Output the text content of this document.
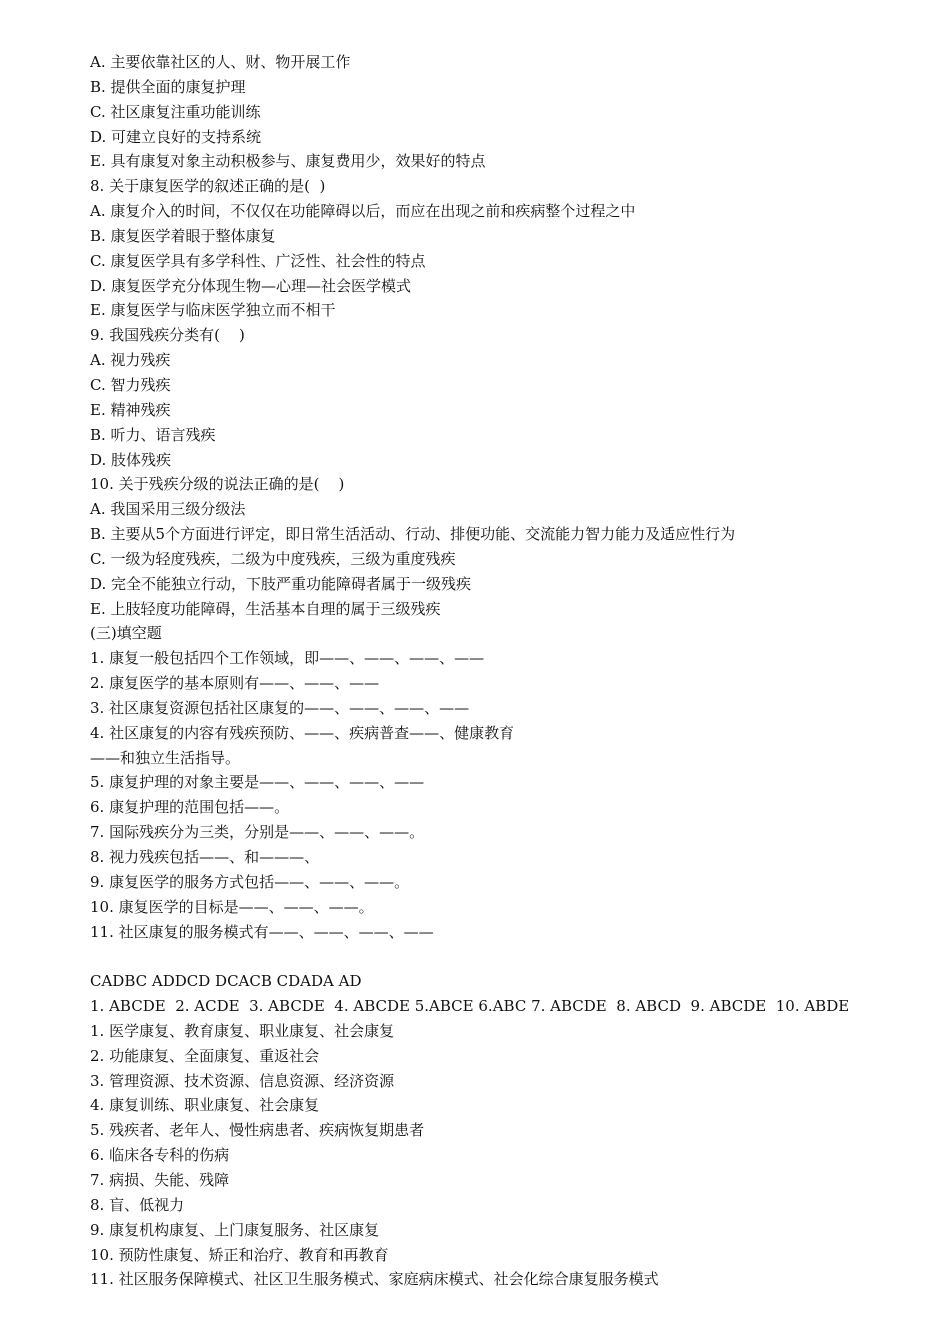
A. 主要依靠社区的人、财、物开展工作

B. 提供全面的康复护理

C. 社区康复注重功能训练

D. 可建立良好的支持系统

E. 具有康复对象主动积极参与、康复费用少，效果好的特点

8. 关于康复医学的叙述正确的是(  )

A. 康复介入的时间，不仅仅在功能障碍以后，而应在出现之前和疾病整个过程之中

B. 康复医学着眼于整体康复

C. 康复医学具有多学科性、广泛性、社会性的特点

D. 康复医学充分体现生物—心理—社会医学模式

E. 康复医学与临床医学独立而不相干

9. 我国残疾分类有(    )

A. 视力残疾

C. 智力残疾

E. 精神残疾

B. 听力、语言残疾

D. 肢体残疾

10. 关于残疾分级的说法正确的是(    )

A. 我国采用三级分级法

B. 主要从5个方面进行评定，即日常生活活动、行动、排便功能、交流能力智力能力及适应性行为

C. 一级为轻度残疾，二级为中度残疾，三级为重度残疾

D. 完全不能独立行动，下肢严重功能障碍者属于一级残疾

E. 上肢轻度功能障碍，生活基本自理的属于三级残疾

(三)填空题

1. 康复一般包括四个工作领域，即——、——、——、——

2. 康复医学的基本原则有——、——、——

3. 社区康复资源包括社区康复的——、——、——、——

4. 社区康复的内容有残疾预防、——、疾病普查——、健康教育

——和独立生活指导。

5. 康复护理的对象主要是——、——、——、——

6. 康复护理的范围包括——。

7. 国际残疾分为三类，分别是——、——、——。

8. 视力残疾包括——、和———、

9. 康复医学的服务方式包括——、——、——。

10. 康复医学的目标是——、——、——。

11. 社区康复的服务模式有——、——、——、——

CADBC ADDCD DCACB CDADA AD

1. ABCDE  2. ACDE  3. ABCDE  4. ABCDE 5.ABCE 6.ABC 7. ABCDE  8. ABCD  9. ABCDE  10. ABDE

1. 医学康复、教育康复、职业康复、社会康复

2. 功能康复、全面康复、重返社会

3. 管理资源、技术资源、信息资源、经济资源

4. 康复训练、职业康复、社会康复

5. 残疾者、老年人、慢性病患者、疾病恢复期患者

6. 临床各专科的伤病

7. 病损、失能、残障

8. 盲、低视力

9. 康复机构康复、上门康复服务、社区康复

10. 预防性康复、矫正和治疗、教育和再教育

11. 社区服务保障模式、社区卫生服务模式、家庭病床模式、社会化综合康复服务模式
